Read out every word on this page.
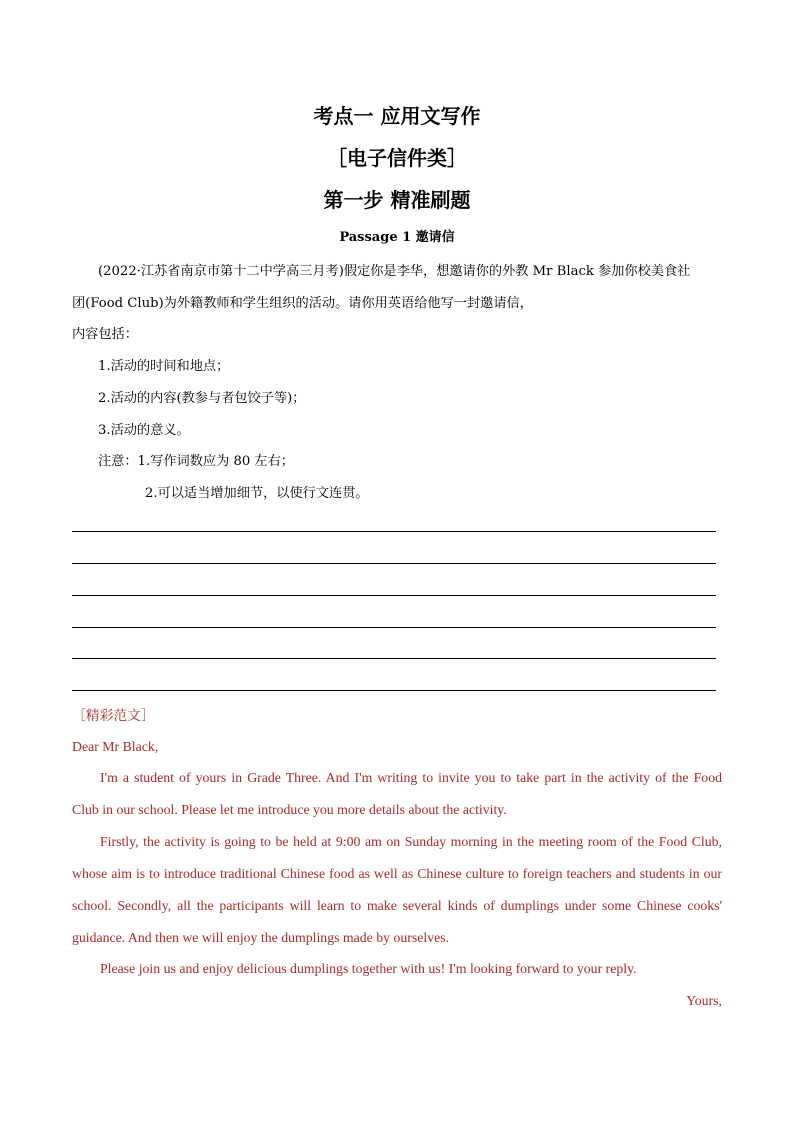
考点一 应用文写作
［电子信件类］
第一步 精准刷题
Passage 1 邀请信
(2022·江苏省南京市第十二中学高三月考)假定你是李华，想邀请你的外教 Mr Black 参加你校美食社
团(Food Club)为外籍教师和学生组织的活动。请你用英语给他写一封邀请信，
内容包括：
1.活动的时间和地点；
2.活动的内容(教参与者包饺子等)；
3.活动的意义。
注意：1.写作词数应为 80 左右；
2.可以适当增加细节，以使行文连贯。
［精彩范文］
Dear Mr Black,
I'm a student of yours in Grade Three. And I'm writing to invite you to take part in the activity of the Food
Club in our school. Please let me introduce you more details about the activity.
Firstly, the activity is going to be held at 9:00 am on Sunday morning in the meeting room of the Food Club,
whose aim is to introduce traditional Chinese food as well as Chinese culture to foreign teachers and students in our
school. Secondly, all the participants will learn to make several kinds of dumplings under some Chinese cooks'
guidance. And then we will enjoy the dumplings made by ourselves.
Please join us and enjoy delicious dumplings together with us! I'm looking forward to your reply.
Yours,
